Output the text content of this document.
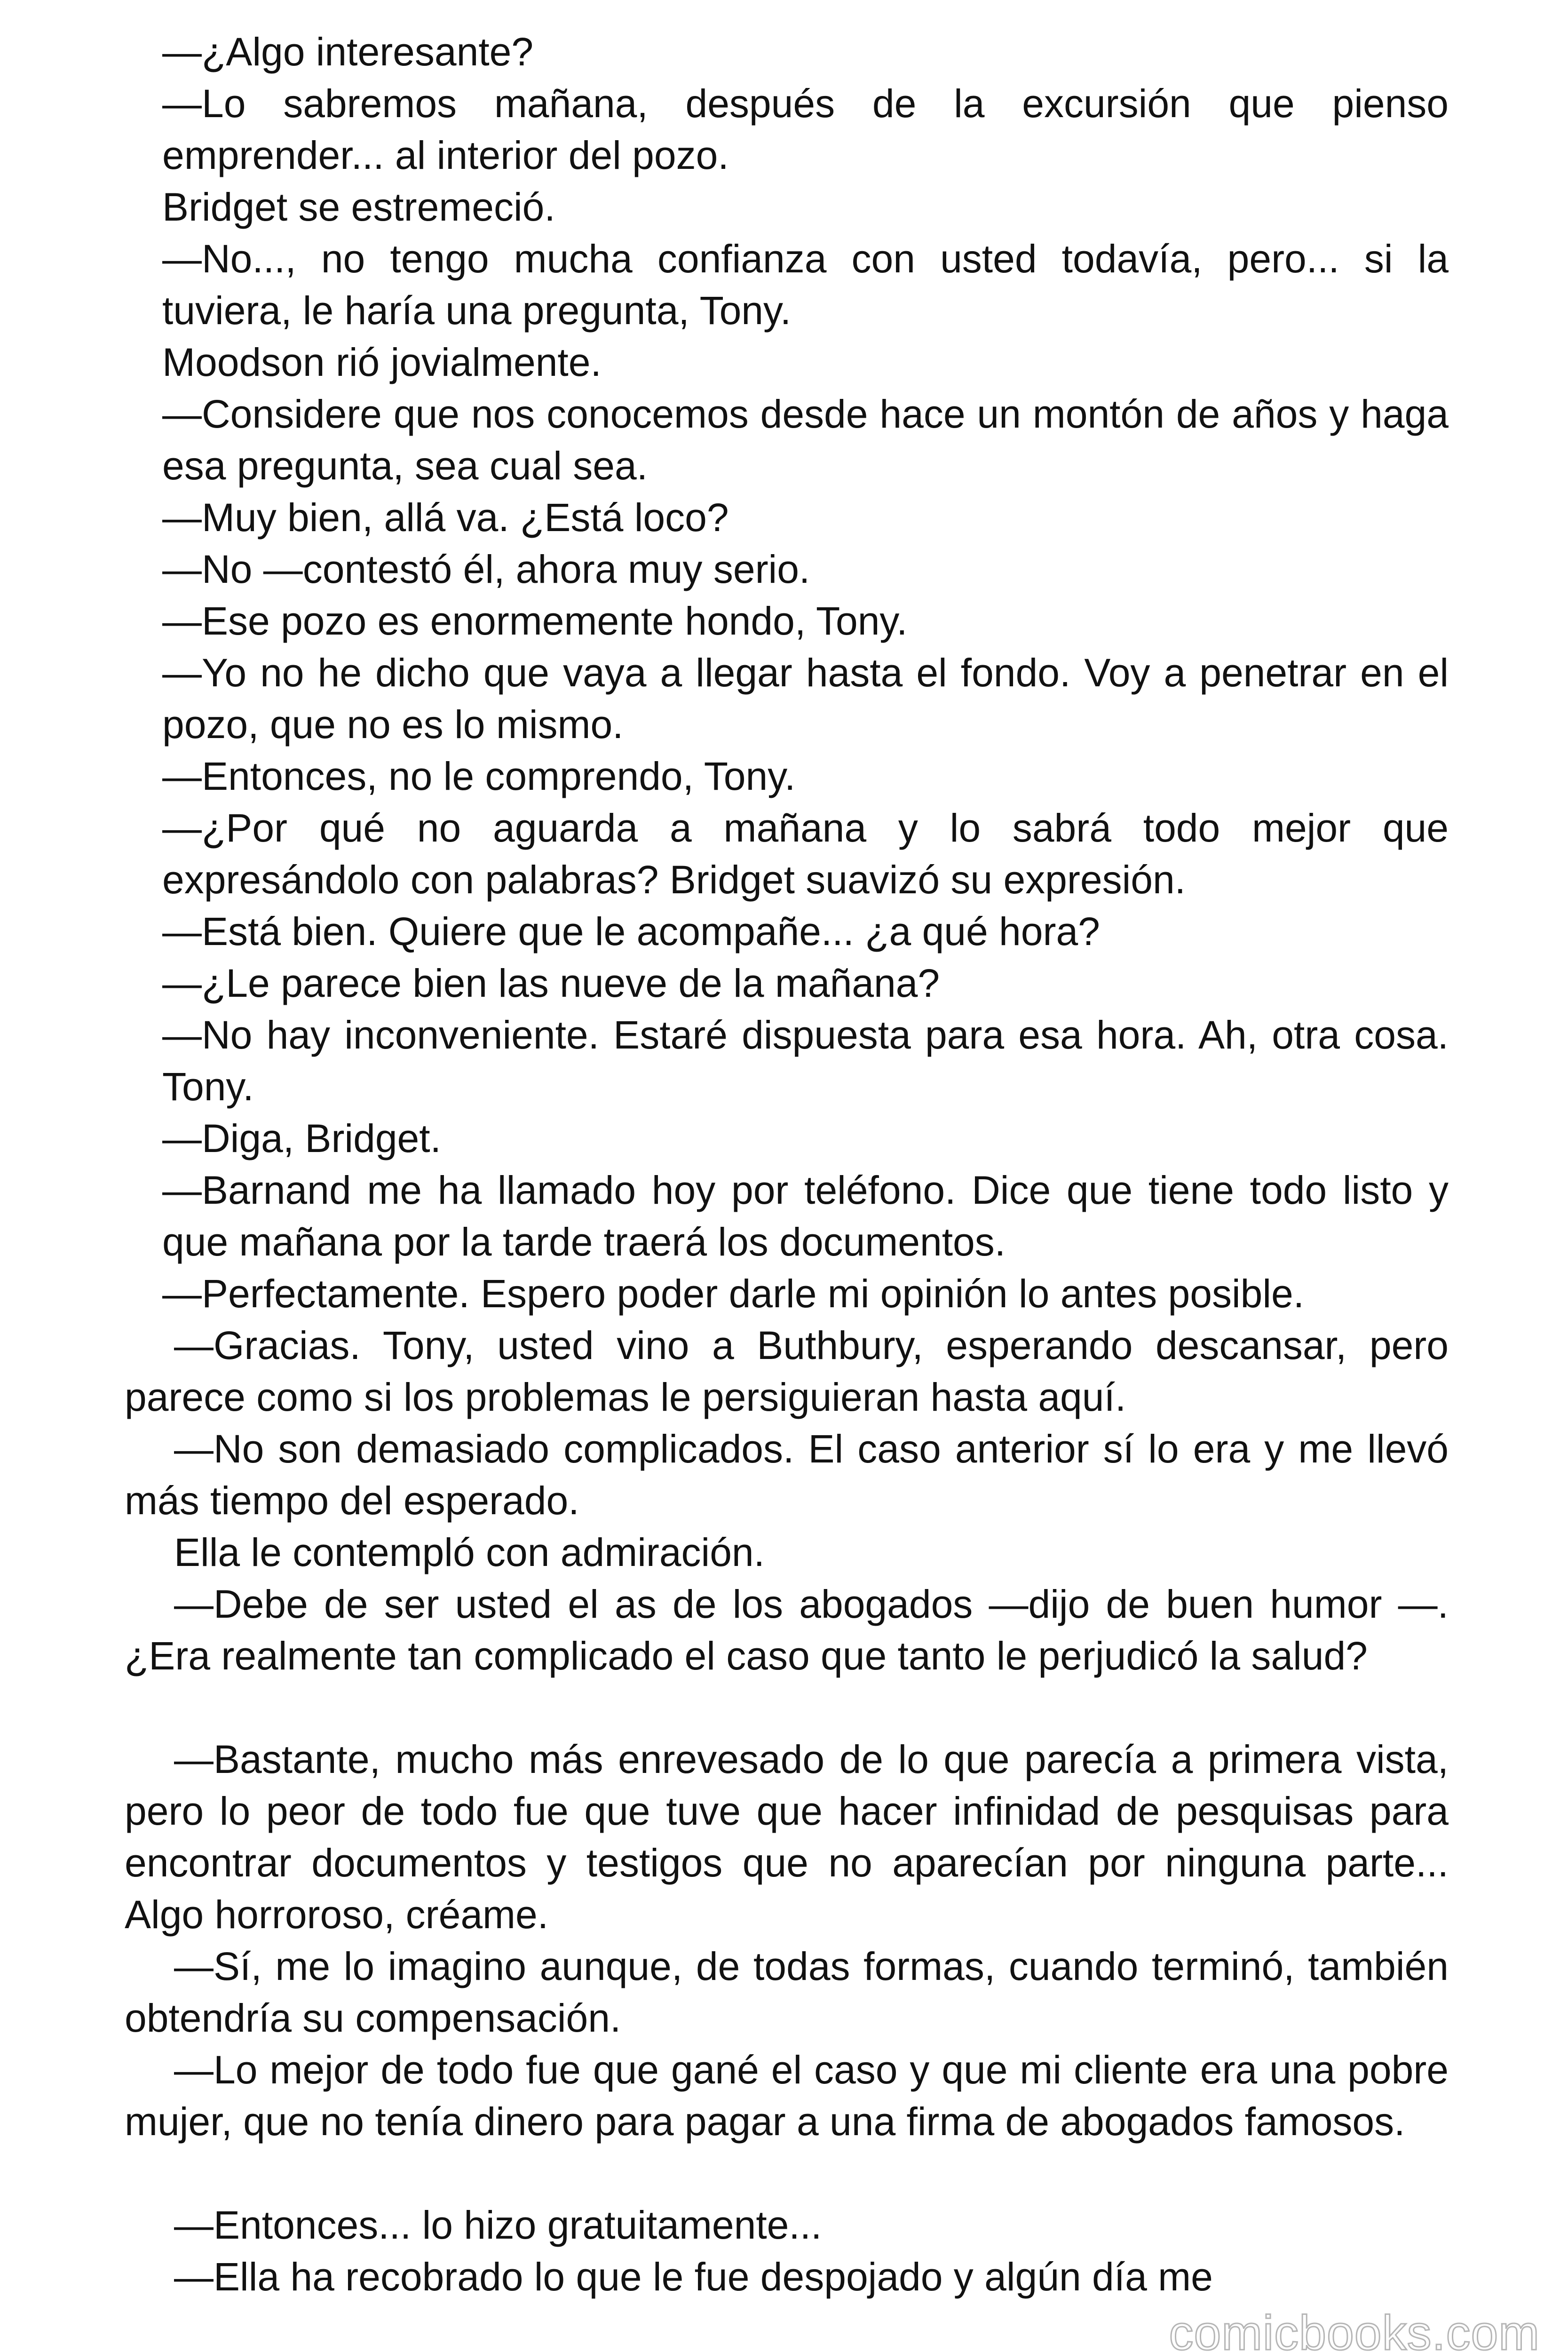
—¿Algo interesante?

—Lo sabremos mañana, después de la excursión que pienso emprender... al interior del pozo.

Bridget se estremeció.

—No..., no tengo mucha confianza con usted todavía, pero... si la tuviera, le haría una pregunta, Tony.

Moodson rió jovialmente.

—Considere que nos conocemos desde hace un montón de años y haga esa pregunta, sea cual sea.

—Muy bien, allá va. ¿Está loco?

—No —contestó él, ahora muy serio.

—Ese pozo es enormemente hondo, Tony.

—Yo no he dicho que vaya a llegar hasta el fondo. Voy a penetrar en el pozo, que no es lo mismo.

—Entonces, no le comprendo, Tony.

—¿Por qué no aguarda a mañana y lo sabrá todo mejor que expresándolo con palabras? Bridget suavizó su expresión.

—Está bien. Quiere que le acompañe... ¿a qué hora?

—¿Le parece bien las nueve de la mañana?

—No hay inconveniente. Estaré dispuesta para esa hora. Ah, otra cosa. Tony.

—Diga, Bridget.

—Barnand me ha llamado hoy por teléfono. Dice que tiene todo listo y que mañana por la tarde traerá los documentos.

—Perfectamente. Espero poder darle mi opinión lo antes posible.

—Gracias. Tony, usted vino a Buthbury, esperando descansar, pero parece como si los problemas le persiguieran hasta aquí.

—No son demasiado complicados. El caso anterior sí lo era y me llevó más tiempo del esperado.

Ella le contempló con admiración.

—Debe de ser usted el as de los abogados —dijo de buen humor —. ¿Era realmente tan complicado el caso que tanto le perjudicó la salud?

—Bastante, mucho más enrevesado de lo que parecía a primera vista, pero lo peor de todo fue que tuve que hacer infinidad de pesquisas para encontrar documentos y testigos que no aparecían por ninguna parte... Algo horroroso, créame.

—Sí, me lo imagino aunque, de todas formas, cuando terminó, también obtendría su compensación.

—Lo mejor de todo fue que gané el caso y que mi cliente era una pobre mujer, que no tenía dinero para pagar a una firma de abogados famosos.

—Entonces... lo hizo gratuitamente...

—Ella ha recobrado lo que le fue despojado y algún día me

comicbooks.com
